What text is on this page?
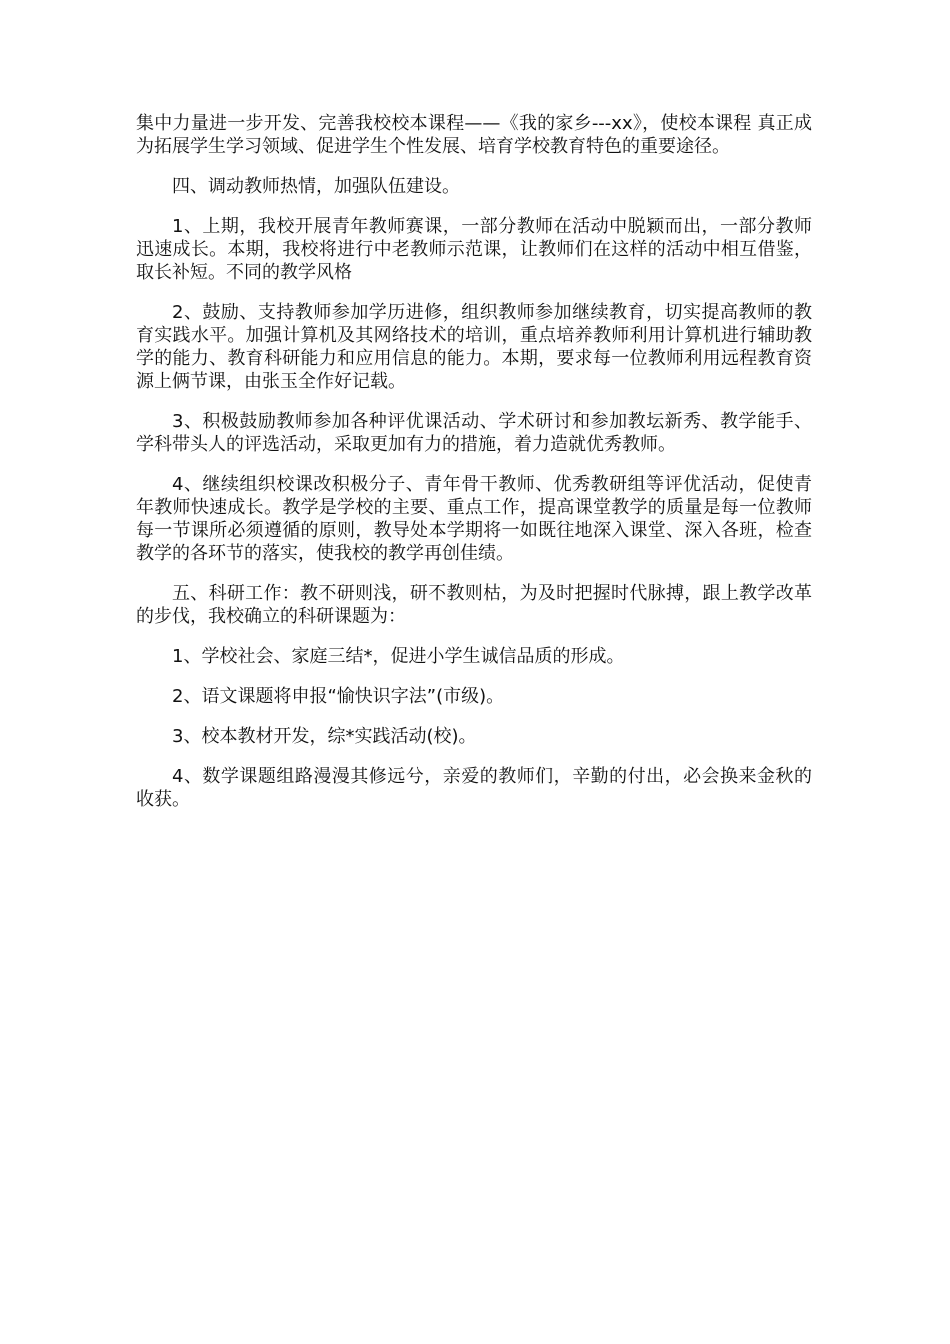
集中力量进一步开发、完善我校校本课程——《我的家乡---xx》，使校本课程 真正成为拓展学生学习领域、促进学生个性发展、培育学校教育特色的重要途径。

四、调动教师热情，加强队伍建设。

1、上期，我校开展青年教师赛课，一部分教师在活动中脱颖而出，一部分教师迅速成长。本期，我校将进行中老教师示范课，让教师们在这样的活动中相互借鉴，取长补短。不同的教学风格

2、鼓励、支持教师参加学历进修，组织教师参加继续教育，切实提高教师的教育实践水平。加强计算机及其网络技术的培训，重点培养教师利用计算机进行辅助教学的能力、教育科研能力和应用信息的能力。本期，要求每一位教师利用远程教育资源上俩节课，由张玉全作好记载。

3、积极鼓励教师参加各种评优课活动、学术研讨和参加教坛新秀、教学能手、学科带头人的评选活动，采取更加有力的措施，着力造就优秀教师。

4、继续组织校课改积极分子、青年骨干教师、优秀教研组等评优活动，促使青年教师快速成长。教学是学校的主要、重点工作，提高课堂教学的质量是每一位教师每一节课所必须遵循的原则，教导处本学期将一如既往地深入课堂、深入各班，检查教学的各环节的落实，使我校的教学再创佳绩。

五、科研工作：教不研则浅，研不教则枯，为及时把握时代脉搏，跟上教学改革的步伐，我校确立的科研课题为：

1、学校社会、家庭三结*，促进小学生诚信品质的形成。

2、语文课题将申报“愉快识字法”(市级)。

3、校本教材开发，综*实践活动(校)。

4、数学课题组路漫漫其修远兮，亲爱的教师们，辛勤的付出，必会换来金秋的收获。
